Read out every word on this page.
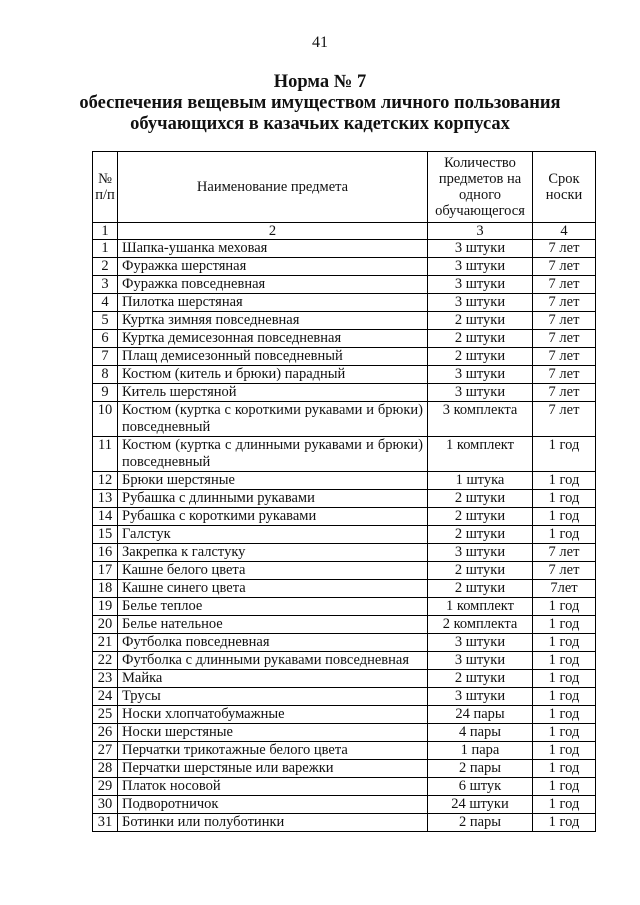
41
Норма № 7
обеспечения вещевым имуществом личного пользования
обучающихся в казачьих кадетских корпусах
№ п/п	Наименование предмета	Количество предметов на одного обучающегося	Срок носки
1	2	3	4
1	Шапка-ушанка меховая	3 штуки	7 лет
2	Фуражка шерстяная	3 штуки	7 лет
3	Фуражка повседневная	3 штуки	7 лет
4	Пилотка шерстяная	3 штуки	7 лет
5	Куртка зимняя повседневная	2 штуки	7 лет
6	Куртка демисезонная повседневная	2 штуки	7 лет
7	Плащ демисезонный повседневный	2 штуки	7 лет
8	Костюм (китель и брюки) парадный	3 штуки	7 лет
9	Китель шерстяной	3 штуки	7 лет
10	Костюм (куртка с короткими рукавами и брюки) повседневный	3 комплекта	7 лет
11	Костюм (куртка с длинными рукавами и брюки) повседневный	1 комплект	1 год
12	Брюки шерстяные	1 штука	1 год
13	Рубашка с длинными рукавами	2 штуки	1 год
14	Рубашка с короткими рукавами	2 штуки	1 год
15	Галстук	2 штуки	1 год
16	Закрепка к галстуку	3 штуки	7 лет
17	Кашне белого цвета	2 штуки	7 лет
18	Кашне синего цвета	2 штуки	7лет
19	Белье теплое	1 комплект	1 год
20	Белье нательное	2 комплекта	1 год
21	Футболка повседневная	3 штуки	1 год
22	Футболка с длинными рукавами повседневная	3 штуки	1 год
23	Майка	2 штуки	1 год
24	Трусы	3 штуки	1 год
25	Носки хлопчатобумажные	24 пары	1 год
26	Носки шерстяные	4 пары	1 год
27	Перчатки трикотажные белого цвета	1 пара	1 год
28	Перчатки шерстяные или варежки	2 пары	1 год
29	Платок носовой	6 штук	1 год
30	Подворотничок	24 штуки	1 год
31	Ботинки или полуботинки	2 пары	1 год
